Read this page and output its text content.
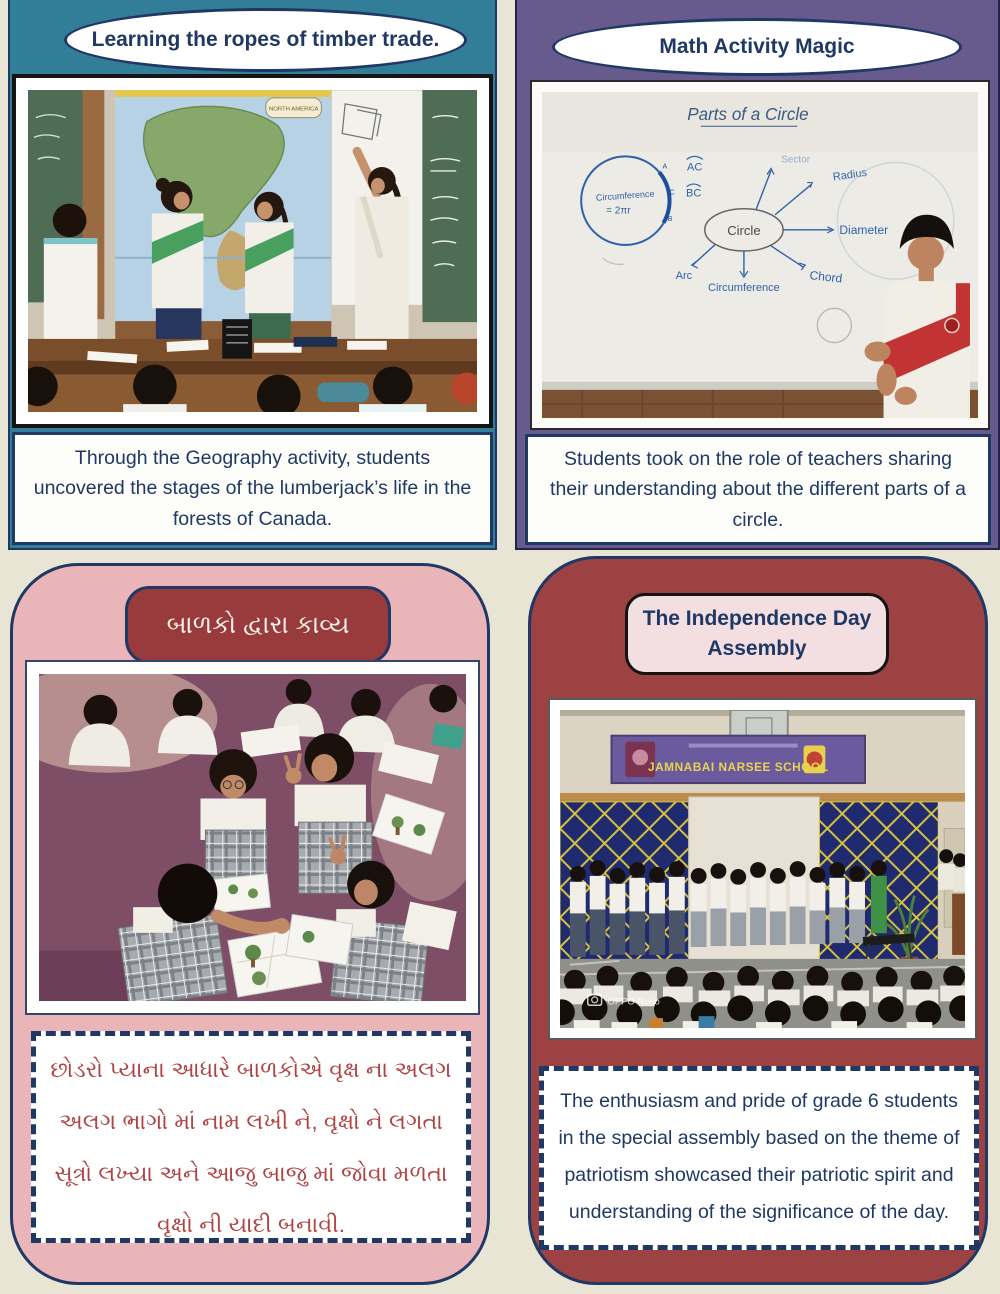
Learning the ropes of timber trade.
NORTH AMERICA
Through the Geography activity, students uncovered the stages of the lumberjack’s life in the forests of Canada.
Math Activity Magic
Parts of a Circle
A
C
B
Circumference
= 2πr
AC
BC
Circle
Sector
Radius
Diameter
Chord
Circumference
Arc
Students took on the role of teachers sharing their understanding about the different parts of a circle.
બાળકો દ્વારા કાવ્ય
છોડરો પ્યાના આધારે બાળકોએ વૃક્ષ ના અલગ અલગ ભાગો માં નામ લખી ને, વૃક્ષો ને લગતા સૂત્રો લખ્યા અને આજુ બાજુ માં જોવા મળતા વૃક્ષો ની યાદી બનાવી.
The Independence Day
Assembly
JAMNABAI NARSEE SCHOOL
OPPO Reno
The enthusiasm and pride of grade 6 students in the special assembly based on the theme of patriotism showcased their patriotic spirit and understanding of the significance of the day.
